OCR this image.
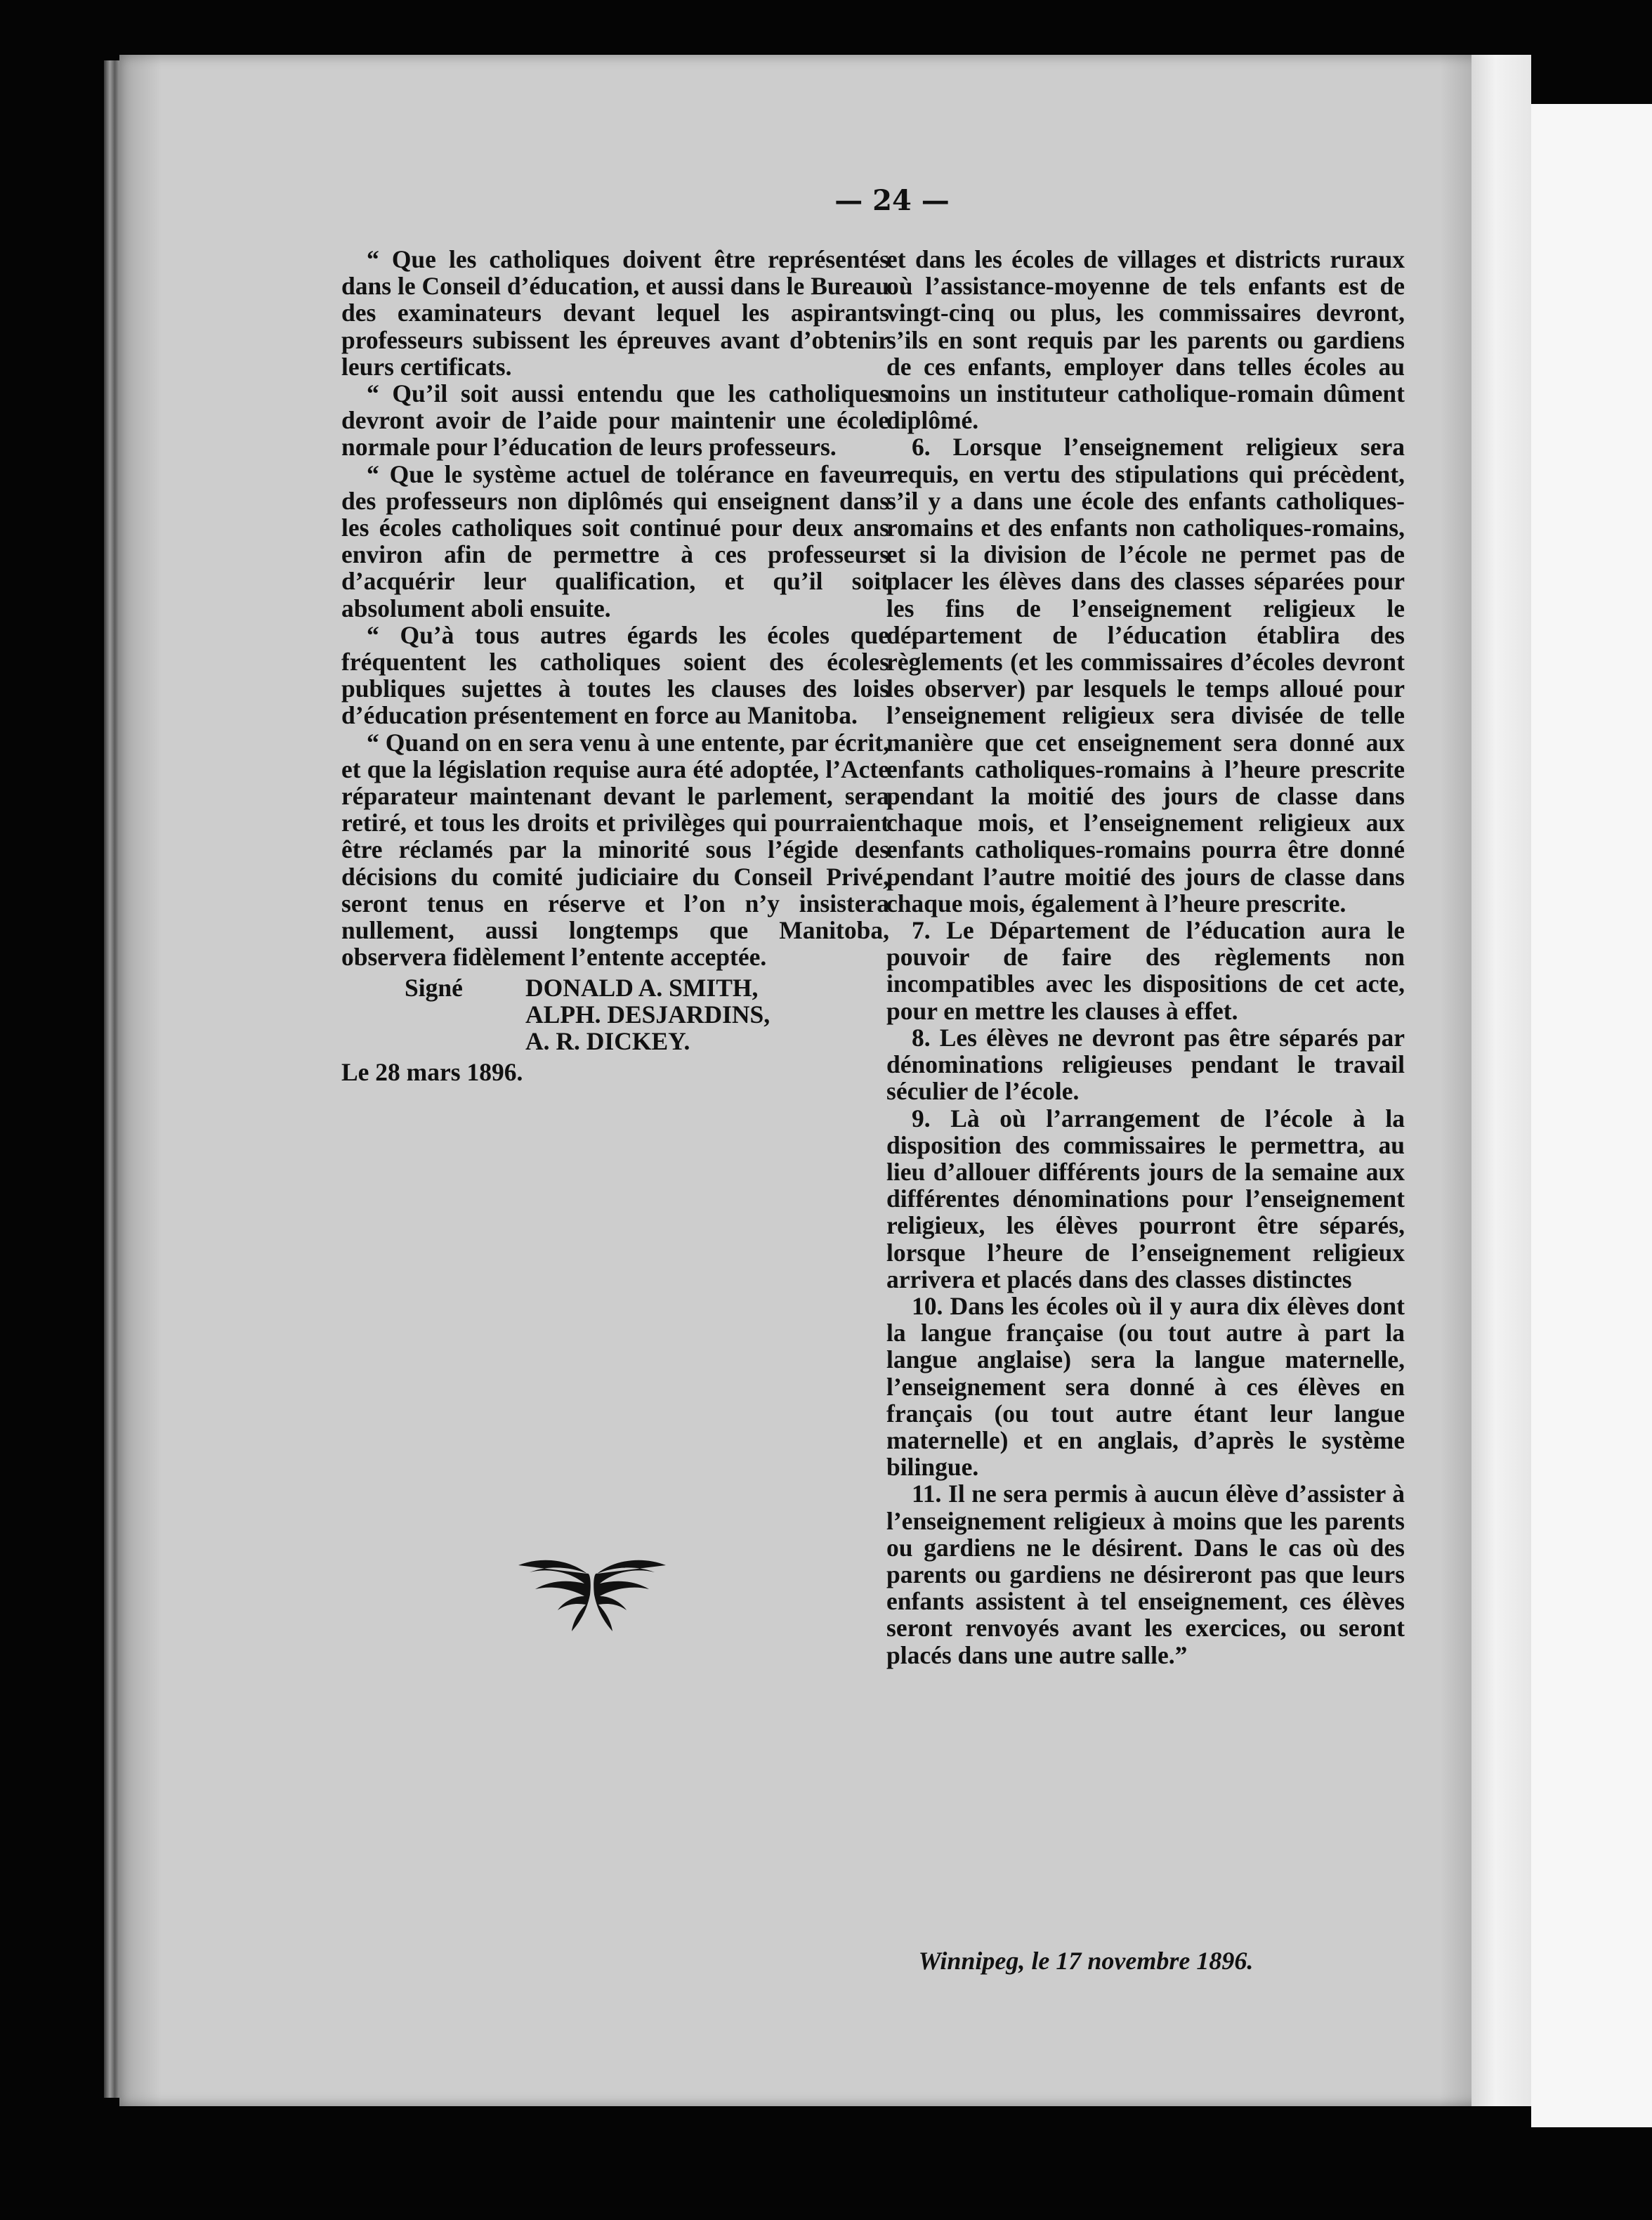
— 24 —

“ Que les catholiques doivent être représentés dans le Conseil d’éducation, et aussi dans le Bureau des examinateurs devant lequel les aspirants professeurs subissent les épreuves avant d’obtenir leurs certificats.

“ Qu’il soit aussi entendu que les catholiques devront avoir de l’aide pour maintenir une école normale pour l’éducation de leurs professeurs.

“ Que le système actuel de tolérance en faveur des professeurs non diplômés qui enseignent dans les écoles catholiques soit continué pour deux ans environ afin de permettre à ces professeurs d’acquérir leur qualification, et qu’il soit absolument aboli ensuite.

“ Qu’à tous autres égards les écoles que fréquentent les catholiques soient des écoles publiques sujettes à toutes les clauses des lois d’éducation présentement en force au Manitoba.

“ Quand on en sera venu à une entente, par écrit, et que la législation requise aura été adoptée, l’Acte réparateur maintenant devant le parlement, sera retiré, et tous les droits et privilèges qui pourraient être réclamés par la minorité sous l’égide des décisions du comité judiciaire du Conseil Privé, seront tenus en réserve et l’on n’y insistera nullement, aussi longtemps que Manitoba, observera fidèlement l’entente acceptée.

Signé	DONALD A. SMITH,
ALPH. DESJARDINS,
A. R. DICKEY.

Le 28 mars 1896.

et dans les écoles de villages et districts ruraux où l’assistance-moyenne de tels enfants est de vingt-cinq ou plus, les commissaires devront, s’ils en sont requis par les parents ou gardiens de ces enfants, employer dans telles écoles au moins un instituteur catholique-romain dûment diplômé.

6. Lorsque l’enseignement religieux sera requis, en vertu des stipulations qui précèdent, s’il y a dans une école des enfants catholiques-romains et des enfants non catholiques-romains, et si la division de l’école ne permet pas de placer les élèves dans des classes séparées pour les fins de l’enseignement religieux le département de l’éducation établira des règlements (et les commissaires d’écoles devront les observer) par lesquels le temps alloué pour l’enseignement religieux sera divisée de telle manière que cet enseignement sera donné aux enfants catholiques-romains à l’heure prescrite pendant la moitié des jours de classe dans chaque mois, et l’enseignement religieux aux enfants catholiques-romains pourra être donné pendant l’autre moitié des jours de classe dans chaque mois, également à l’heure prescrite.

7. Le Département de l’éducation aura le pouvoir de faire des règlements non incompatibles avec les dispositions de cet acte, pour en mettre les clauses à effet.

8. Les élèves ne devront pas être séparés par dénominations religieuses pendant le travail séculier de l’école.

9. Là où l’arrangement de l’école à la disposition des commissaires le permettra, au lieu d’allouer différents jours de la semaine aux différentes dénominations pour l’enseignement religieux, les élèves pourront être séparés, lorsque l’heure de l’enseignement religieux arrivera et placés dans des classes distinctes

10. Dans les écoles où il y aura dix élèves dont la langue française (ou tout autre à part la langue anglaise) sera la langue maternelle, l’enseignement sera donné à ces élèves en français (ou tout autre étant leur langue maternelle) et en anglais, d’après le système bilingue.

11. Il ne sera permis à aucun élève d’assister à l’enseignement religieux à moins que les parents ou gardiens ne le désirent. Dans le cas où des parents ou gardiens ne désireront pas que leurs enfants assistent à tel enseignement, ces élèves seront renvoyés avant les exercices, ou seront placés dans une autre salle.”

Winnipeg, le 17 novembre 1896.
